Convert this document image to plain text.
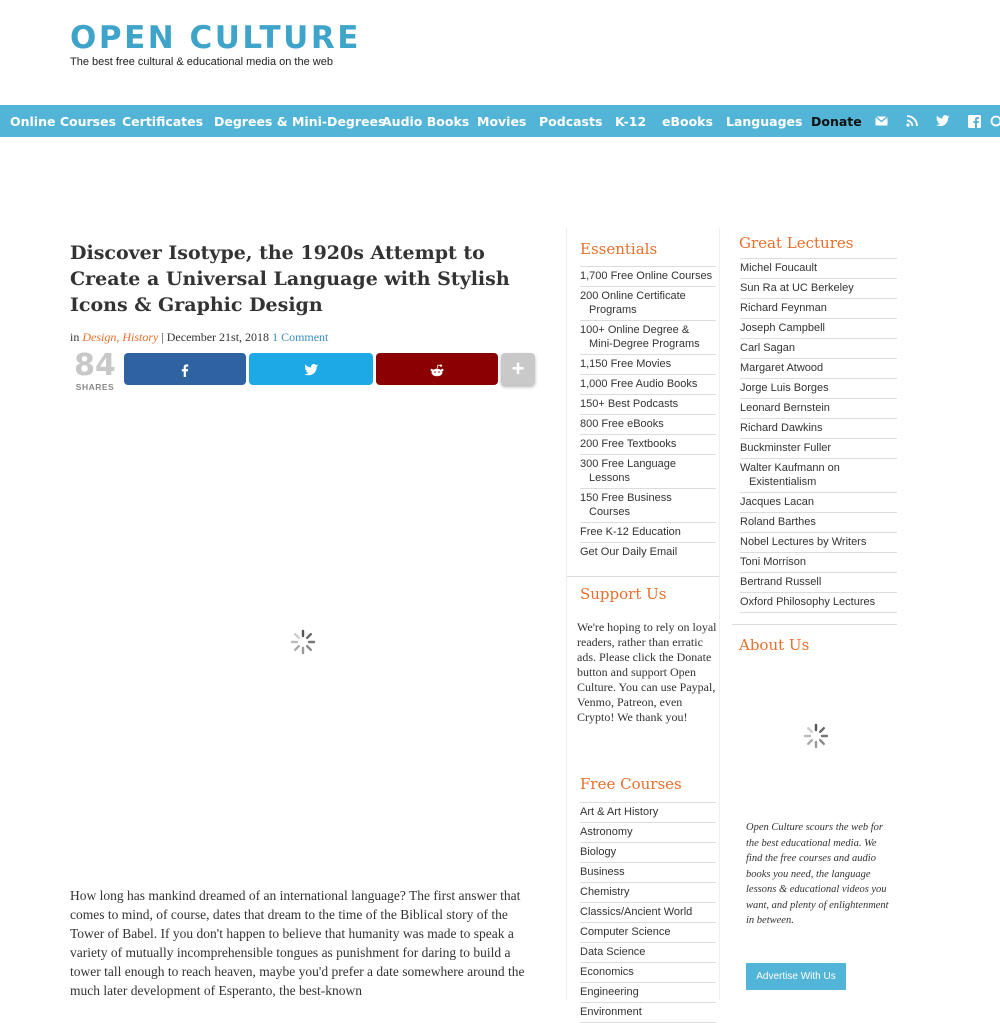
OPEN CULTURE
The best free cultural & educational media on the web
Online Courses Certificates Degrees & Mini-Degrees
Audio Books Movies Podcasts K-12 eBooks Languages Donate
Discover Isotype, the 1920s Attempt to Create a Universal Language with Stylish Icons & Graphic Design
in Design, History | December 21st, 2018 1 Comment
84
SHARES
+
How long has mankind dreamed of an international language? The first answer that comes to mind, of course, dates that dream to the time of the Biblical story of the Tower of Babel. If you don't happen to believe that humanity was made to speak a variety of mutually incomprehensible tongues as punishment for daring to build a tower tall enough to reach heaven, maybe you'd prefer a date somewhere around the much later development of Esperanto, the best-known
Essentials
1,700 Free Online Courses
200 Online Certificate
Programs
100+ Online Degree &
Mini-Degree Programs
1,150 Free Movies
1,000 Free Audio Books
150+ Best Podcasts
800 Free eBooks
200 Free Textbooks
300 Free Language
Lessons
150 Free Business
Courses
Free K-12 Education
Get Our Daily Email
Support Us
We're hoping to rely on loyal readers, rather than erratic ads. Please click the Donate button and support Open Culture. You can use Paypal, Venmo, Patreon, even Crypto! We thank you!
Free Courses
Art & Art History
Astronomy
Biology
Business
Chemistry
Classics/Ancient World
Computer Science
Data Science
Economics
Engineering
Environment
Great Lectures
Michel Foucault
Sun Ra at UC Berkeley
Richard Feynman
Joseph Campbell
Carl Sagan
Margaret Atwood
Jorge Luis Borges
Leonard Bernstein
Richard Dawkins
Buckminster Fuller
Walter Kaufmann on
Existentialism
Jacques Lacan
Roland Barthes
Nobel Lectures by Writers
Toni Morrison
Bertrand Russell
Oxford Philosophy Lectures
About Us
Open Culture scours the web for the best educational media. We find the free courses and audio books you need, the language lessons & educational videos you want, and plenty of enlightenment in between.
Advertise With Us
